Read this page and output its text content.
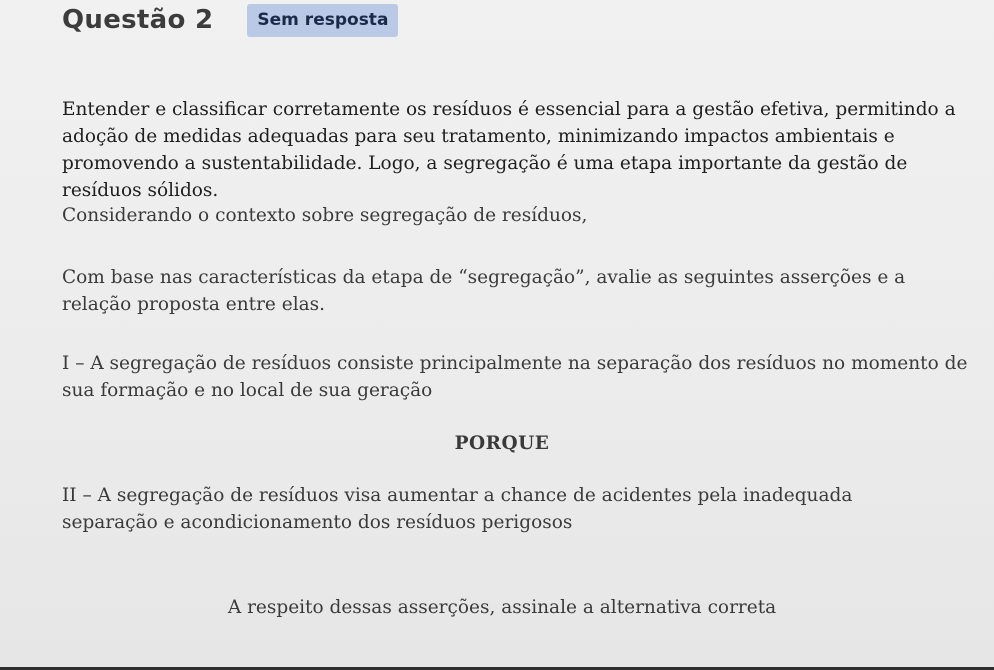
Questão 2	Sem resposta

Entender e classificar corretamente os resíduos é essencial para a gestão efetiva, permitindo a adoção de medidas adequadas para seu tratamento, minimizando impactos ambientais e promovendo a sustentabilidade. Logo, a segregação é uma etapa importante da gestão de resíduos sólidos.

Considerando o contexto sobre segregação de resíduos,

Com base nas características da etapa de “segregação”, avalie as seguintes asserções e a relação proposta entre elas.

I – A segregação de resíduos consiste principalmente na separação dos resíduos no momento de sua formação e no local de sua geração

PORQUE

II – A segregação de resíduos visa aumentar a chance de acidentes pela inadequada separação e acondicionamento dos resíduos perigosos

A respeito dessas asserções, assinale a alternativa correta
